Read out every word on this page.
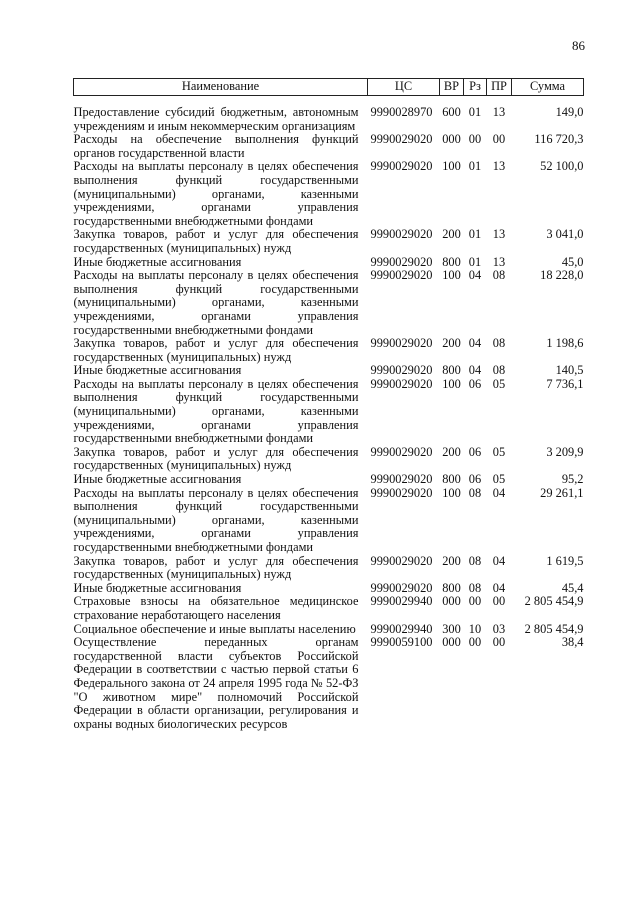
86
Наименование	ЦС	ВР	Рз	ПР	Сумма
Предоставление субсидий бюджетным, автономным учреждениям и иным некоммерческим организациям	9990028970	600	01	13	149,0
Расходы на обеспечение выполнения функций органов государственной власти	9990029020	000	00	00	116 720,3
Расходы на выплаты персоналу в целях обеспечения выполнения функций государственными (муниципальными) органами, казенными учреждениями, органами управления государственными внебюджетными фондами	9990029020	100	01	13	52 100,0
Закупка товаров, работ и услуг для обеспечения государственных (муниципальных) нужд	9990029020	200	01	13	3 041,0
Иные бюджетные ассигнования	9990029020	800	01	13	45,0
Расходы на выплаты персоналу в целях обеспечения выполнения функций государственными (муниципальными) органами, казенными учреждениями, органами управления государственными внебюджетными фондами	9990029020	100	04	08	18 228,0
Закупка товаров, работ и услуг для обеспечения государственных (муниципальных) нужд	9990029020	200	04	08	1 198,6
Иные бюджетные ассигнования	9990029020	800	04	08	140,5
Расходы на выплаты персоналу в целях обеспечения выполнения функций государственными (муниципальными) органами, казенными учреждениями, органами управления государственными внебюджетными фондами	9990029020	100	06	05	7 736,1
Закупка товаров, работ и услуг для обеспечения государственных (муниципальных) нужд	9990029020	200	06	05	3 209,9
Иные бюджетные ассигнования	9990029020	800	06	05	95,2
Расходы на выплаты персоналу в целях обеспечения выполнения функций государственными (муниципальными) органами, казенными учреждениями, органами управления государственными внебюджетными фондами	9990029020	100	08	04	29 261,1
Закупка товаров, работ и услуг для обеспечения государственных (муниципальных) нужд	9990029020	200	08	04	1 619,5
Иные бюджетные ассигнования	9990029020	800	08	04	45,4
Страховые взносы на обязательное медицинское страхование неработающего населения	9990029940	000	00	00	2 805 454,9
Социальное обеспечение и иные выплаты населению	9990029940	300	10	03	2 805 454,9
Осуществление переданных органам государственной власти субъектов Российской Федерации в соответствии с частью первой статьи 6 Федерального закона от 24 апреля 1995 года № 52-ФЗ "О животном мире" полномочий Российской Федерации в области организации, регулирования и охраны водных биологических ресурсов	9990059100	000	00	00	38,4
